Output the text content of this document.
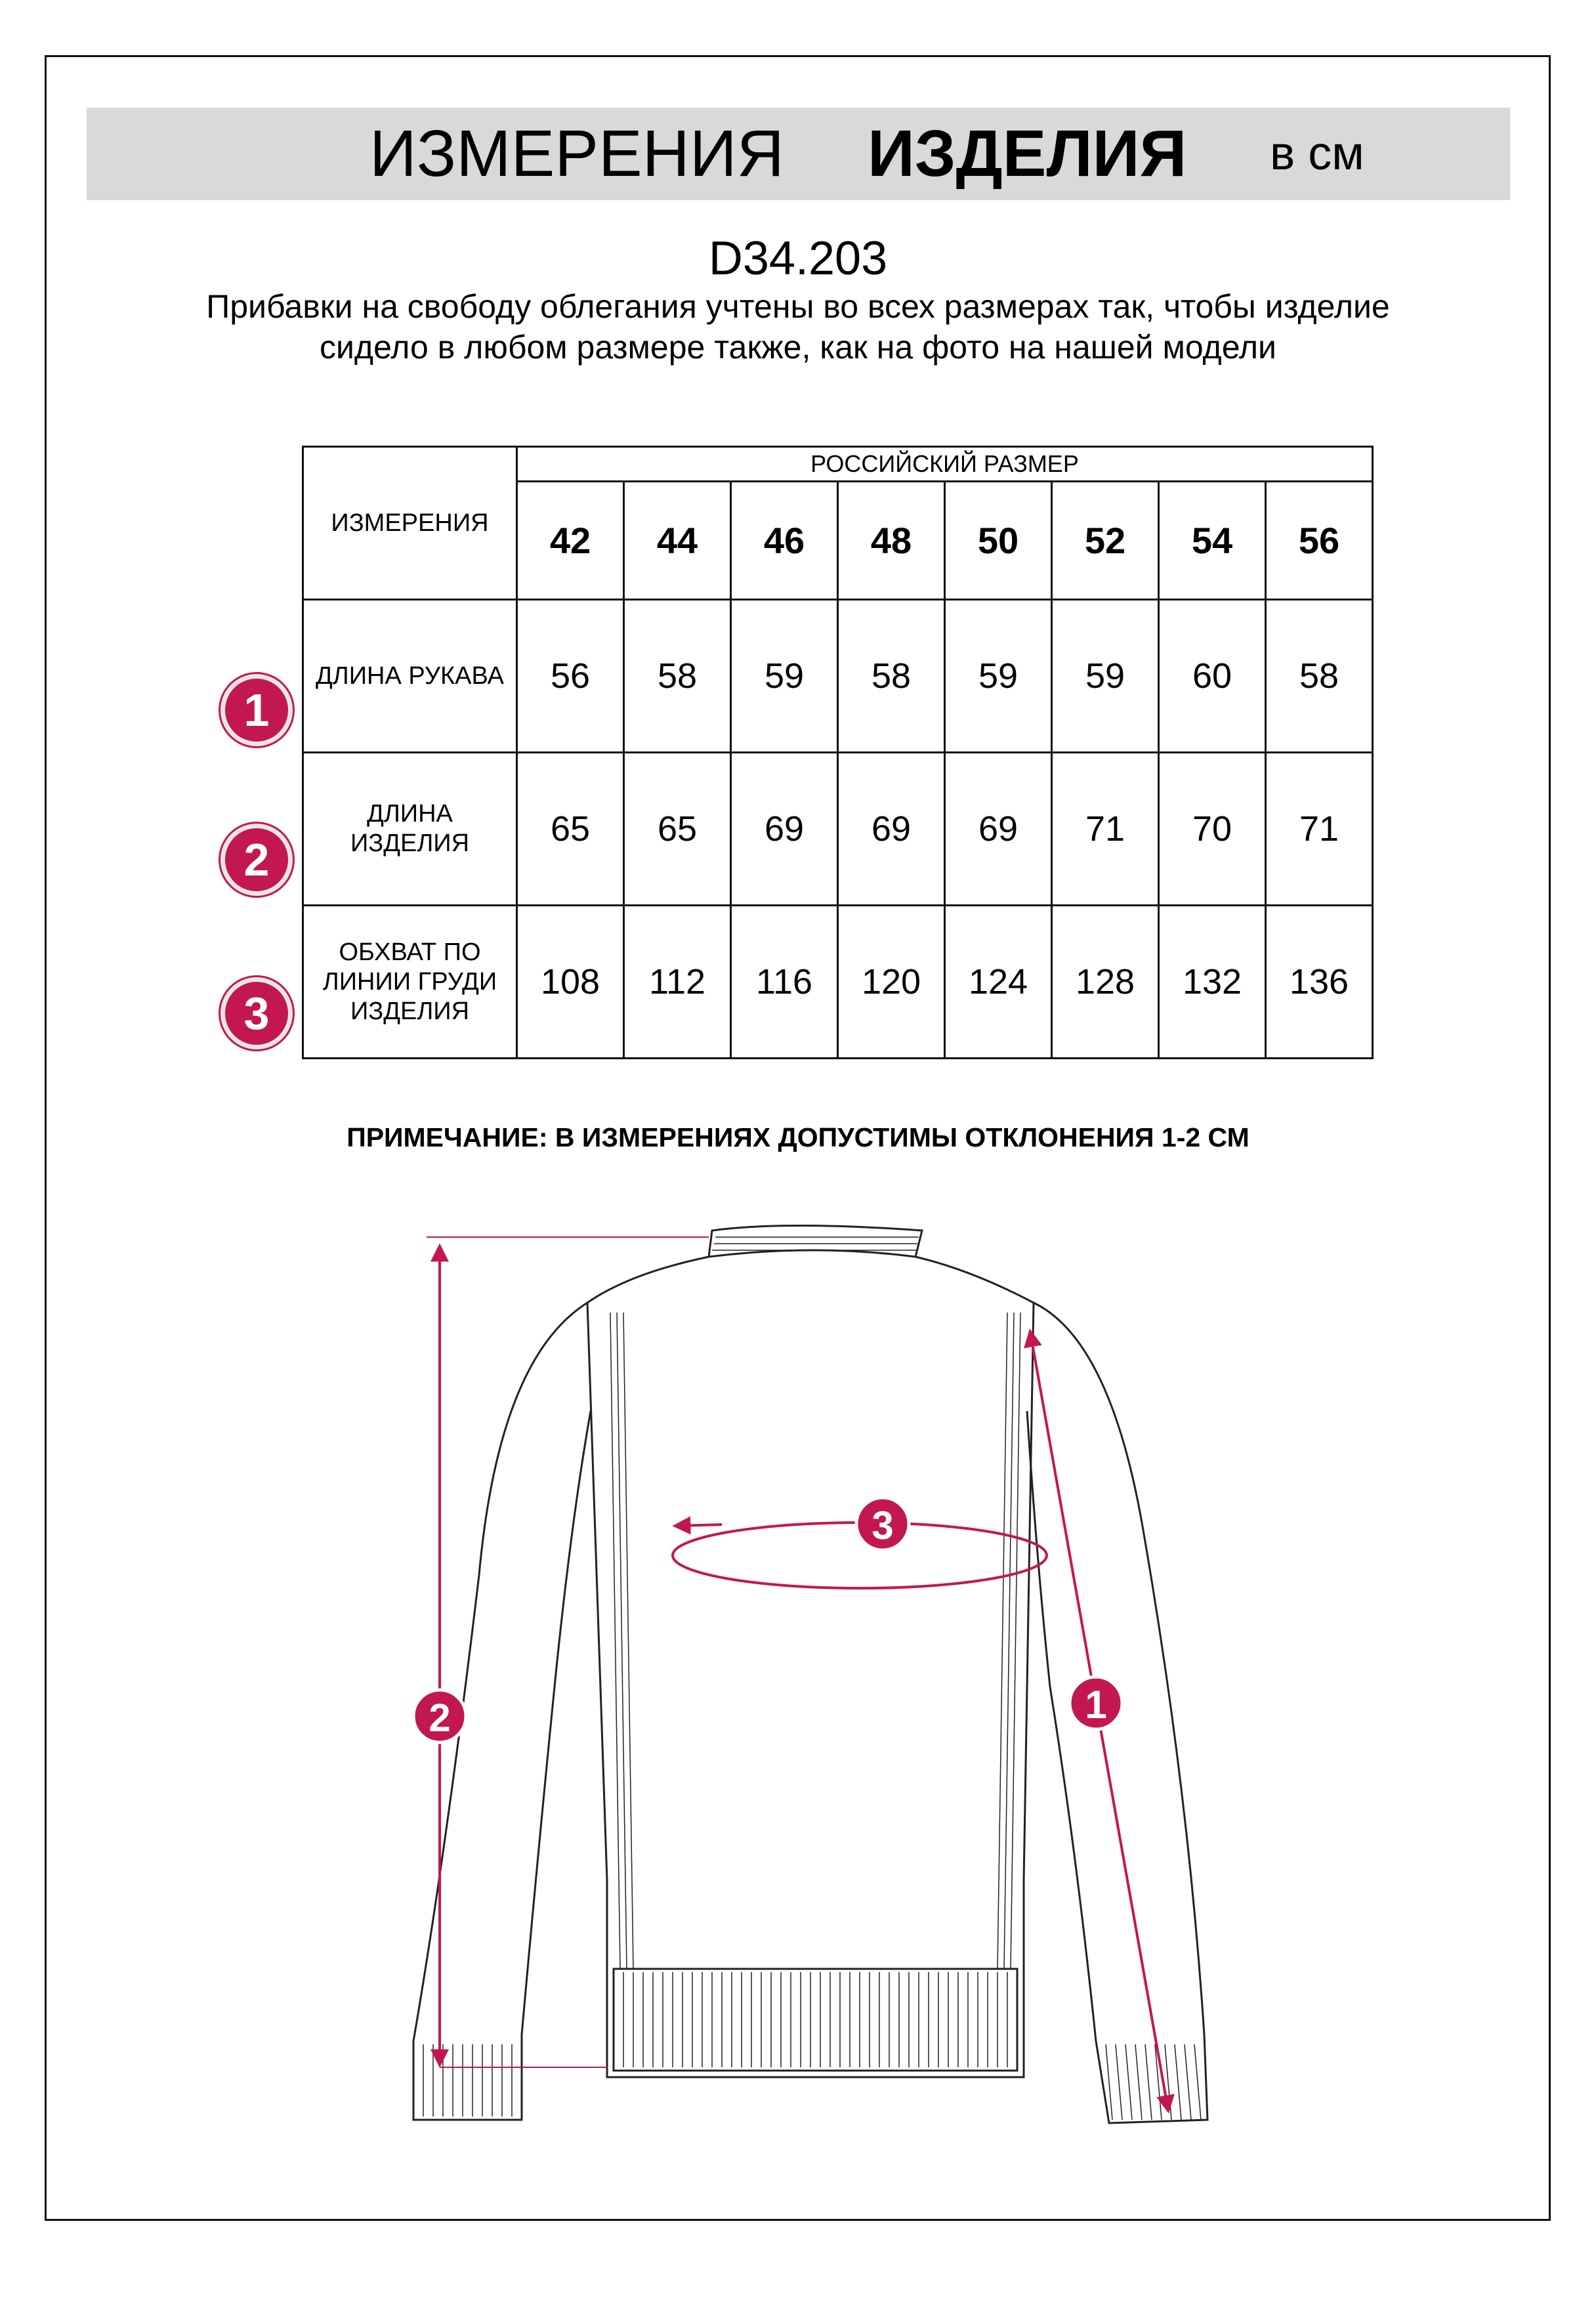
ИЗМЕРЕНИЯ ИЗДЕЛИЯ в см
D34.203
Прибавки на свободу облегания учтены во всех размерах так, чтобы изделие сидело в любом размере также, как на фото на нашей модели
ИЗМЕРЕНИЯ	РОССИЙСКИЙ РАЗМЕР							
	42	44	46	48	50	52	54	56
ДЛИНА РУКАВА	56	58	59	58	59	59	60	58
ДЛИНА ИЗДЕЛИЯ	65	65	69	69	69	71	70	71
ОБХВАТ ПО ЛИНИИ ГРУДИ ИЗДЕЛИЯ	108	112	116	120	124	128	132	136
1
2
3
ПРИМЕЧАНИЕ: В ИЗМЕРЕНИЯХ ДОПУСТИМЫ ОТКЛОНЕНИЯ 1-2 СМ
2	1
3
